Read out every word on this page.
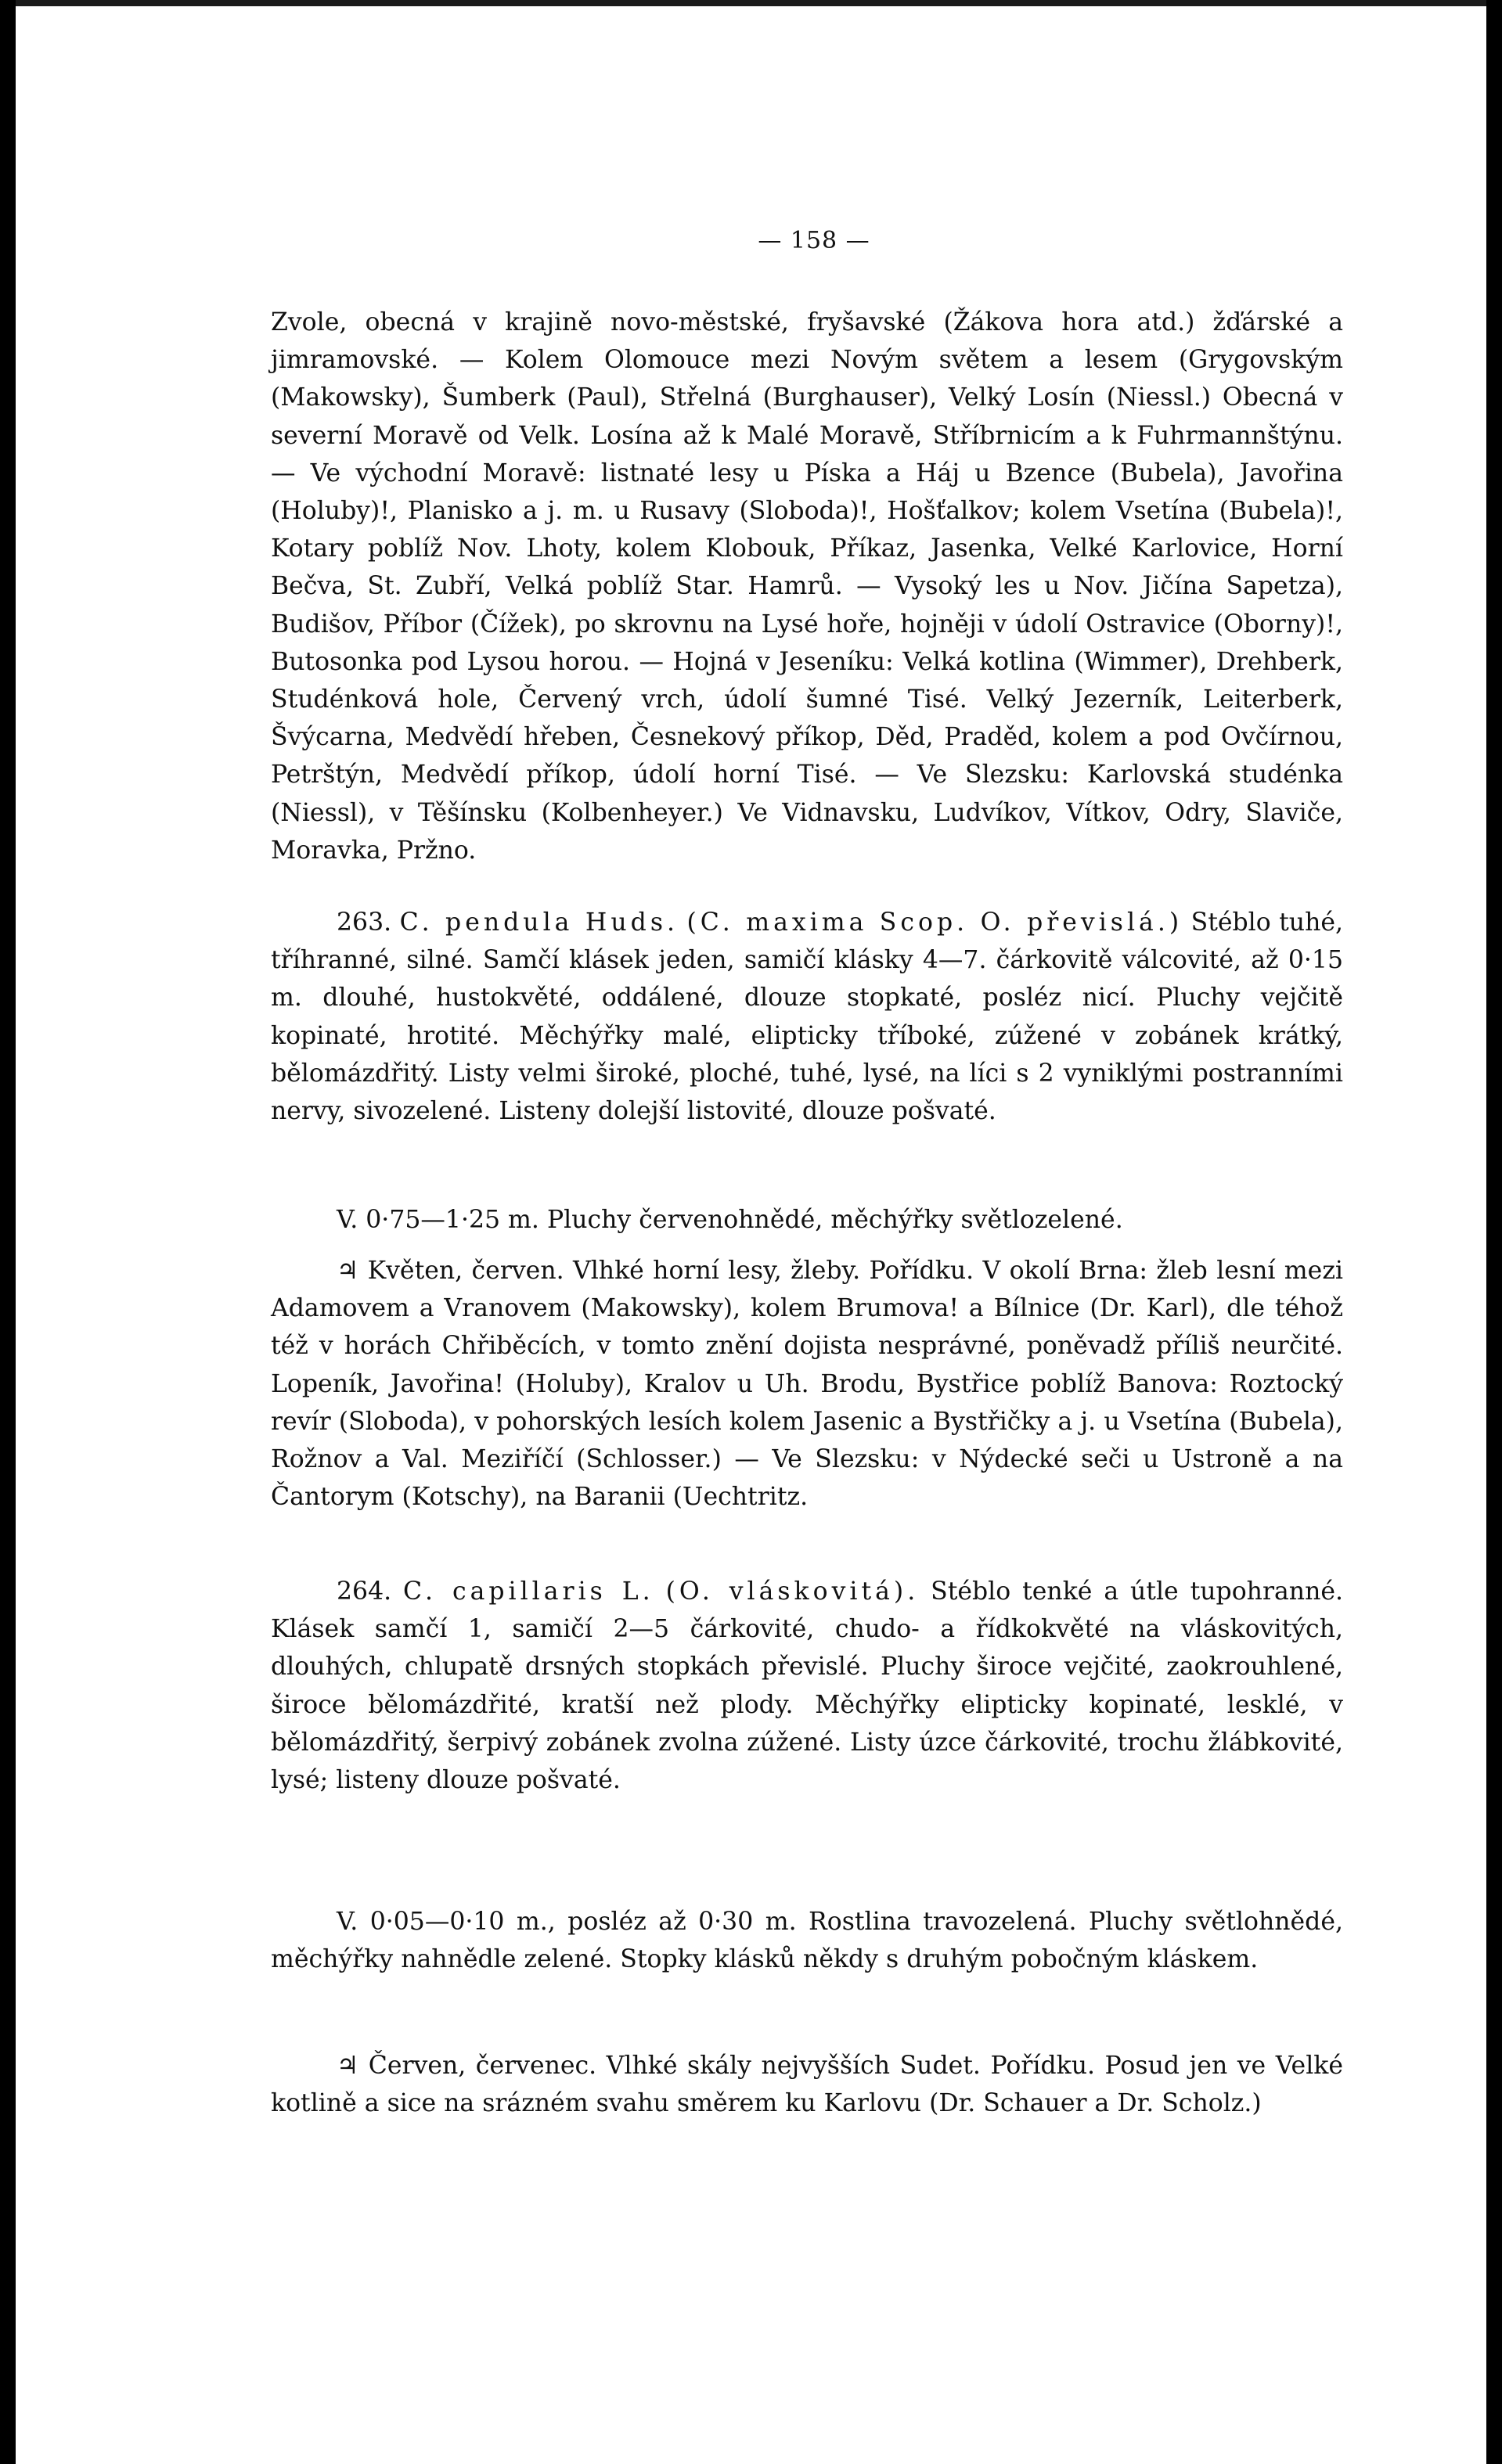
— 158 —

Zvole, obecná v krajině novo-městské, fryšavské (Žákova hora atd.) žďárské a jimramovské. — Kolem Olomouce mezi Novým světem a lesem (Grygovským (Makowsky), Šumberk (Paul), Střelná (Burghauser), Velký Losín (Niessl.) Obecná v severní Moravě od Velk. Losína až k Malé Moravě, Stříbrnicím a k Fuhrmannštýnu. — Ve východní Moravě: listnaté lesy u Píska a Háj u Bzence (Bubela), Javořina (Holuby)!, Planisko a j. m. u Rusavy (Sloboda)!, Hošťalkov; kolem Vsetína (Bubela)!, Kotary poblíž Nov. Lhoty, kolem Klobouk, Příkaz, Jasenka, Velké Karlovice, Horní Bečva, St. Zubří, Velká poblíž Star. Hamrů. — Vysoký les u Nov. Jičína Sapetza), Budišov, Příbor (Čížek), po skrovnu na Lysé hoře, hojněji v údolí Ostravice (Oborny)!, Butosonka pod Lysou horou. — Hojná v Jeseníku: Velká kotlina (Wimmer), Drehberk, Studénková hole, Červený vrch, údolí šumné Tisé. Velký Jezerník, Leiterberk, Švýcarna, Medvědí hřeben, Česnekový příkop, Děd, Praděd, kolem a pod Ovčírnou, Petrštýn, Medvědí příkop, údolí horní Tisé. — Ve Slezsku: Karlovská studénka (Niessl), v Těšínsku (Kolbenheyer.) Ve Vidnavsku, Ludvíkov, Vítkov, Odry, Slaviče, Moravka, Pržno.

263. C. pendula Huds. (C. maxima Scop. O. převislá.) Stéblo tuhé, tříhranné, silné. Samčí klásek jeden, samičí klásky 4—7. čárkovitě válcovité, až 0·15 m. dlouhé, hustokvěté, oddálené, dlouze stopkaté, posléz nicí. Pluchy vejčitě kopinaté, hrotité. Měchýřky malé, elipticky tříboké, zúžené v zobánek krátký, bělomázdřitý. Listy velmi široké, ploché, tuhé, lysé, na líci s 2 vyniklými postranními nervy, sivozelené. Listeny dolejší listovité, dlouze pošvaté.

V. 0·75—1·25 m. Pluchy červenohnědé, měchýřky světlozelené.

♃ Květen, červen. Vlhké horní lesy, žleby. Pořídku. V okolí Brna: žleb lesní mezi Adamovem a Vranovem (Makowsky), kolem Brumova! a Bílnice (Dr. Karl), dle téhož též v horách Chřiběcích, v tomto znění dojista nesprávné, poněvadž příliš neurčité. Lopeník, Javořina! (Holuby), Kralov u Uh. Brodu, Bystřice poblíž Banova: Roztocký revír (Sloboda), v pohorských lesích kolem Jasenic a Bystřičky a j. u Vsetína (Bubela), Rožnov a Val. Meziříčí (Schlosser.) — Ve Slezsku: v Nýdecké seči u Ustroně a na Čantorym (Kotschy), na Baranii (Uechtritz.

264. C. capillaris L. (O. vláskovitá). Stéblo tenké a útle tupohranné. Klásek samčí 1, samičí 2—5 čárkovité, chudo- a řídkokvěté na vláskovitých, dlouhých, chlupatě drsných stopkách převislé. Pluchy široce vejčité, zaokrouhlené, široce bělomázdřité, kratší než plody. Měchýřky elipticky kopinaté, lesklé, v bělomázdřitý, šerpivý zobánek zvolna zúžené. Listy úzce čárkovité, trochu žlábkovité, lysé; listeny dlouze pošvaté.

V. 0·05—0·10 m., posléz až 0·30 m. Rostlina travozelená. Pluchy světlohnědé, měchýřky nahnědle zelené. Stopky klásků někdy s druhým pobočným kláskem.

♃ Červen, červenec. Vlhké skály nejvyšších Sudet. Pořídku. Posud jen ve Velké kotlině a sice na srázném svahu směrem ku Karlovu (Dr. Schauer a Dr. Scholz.)
